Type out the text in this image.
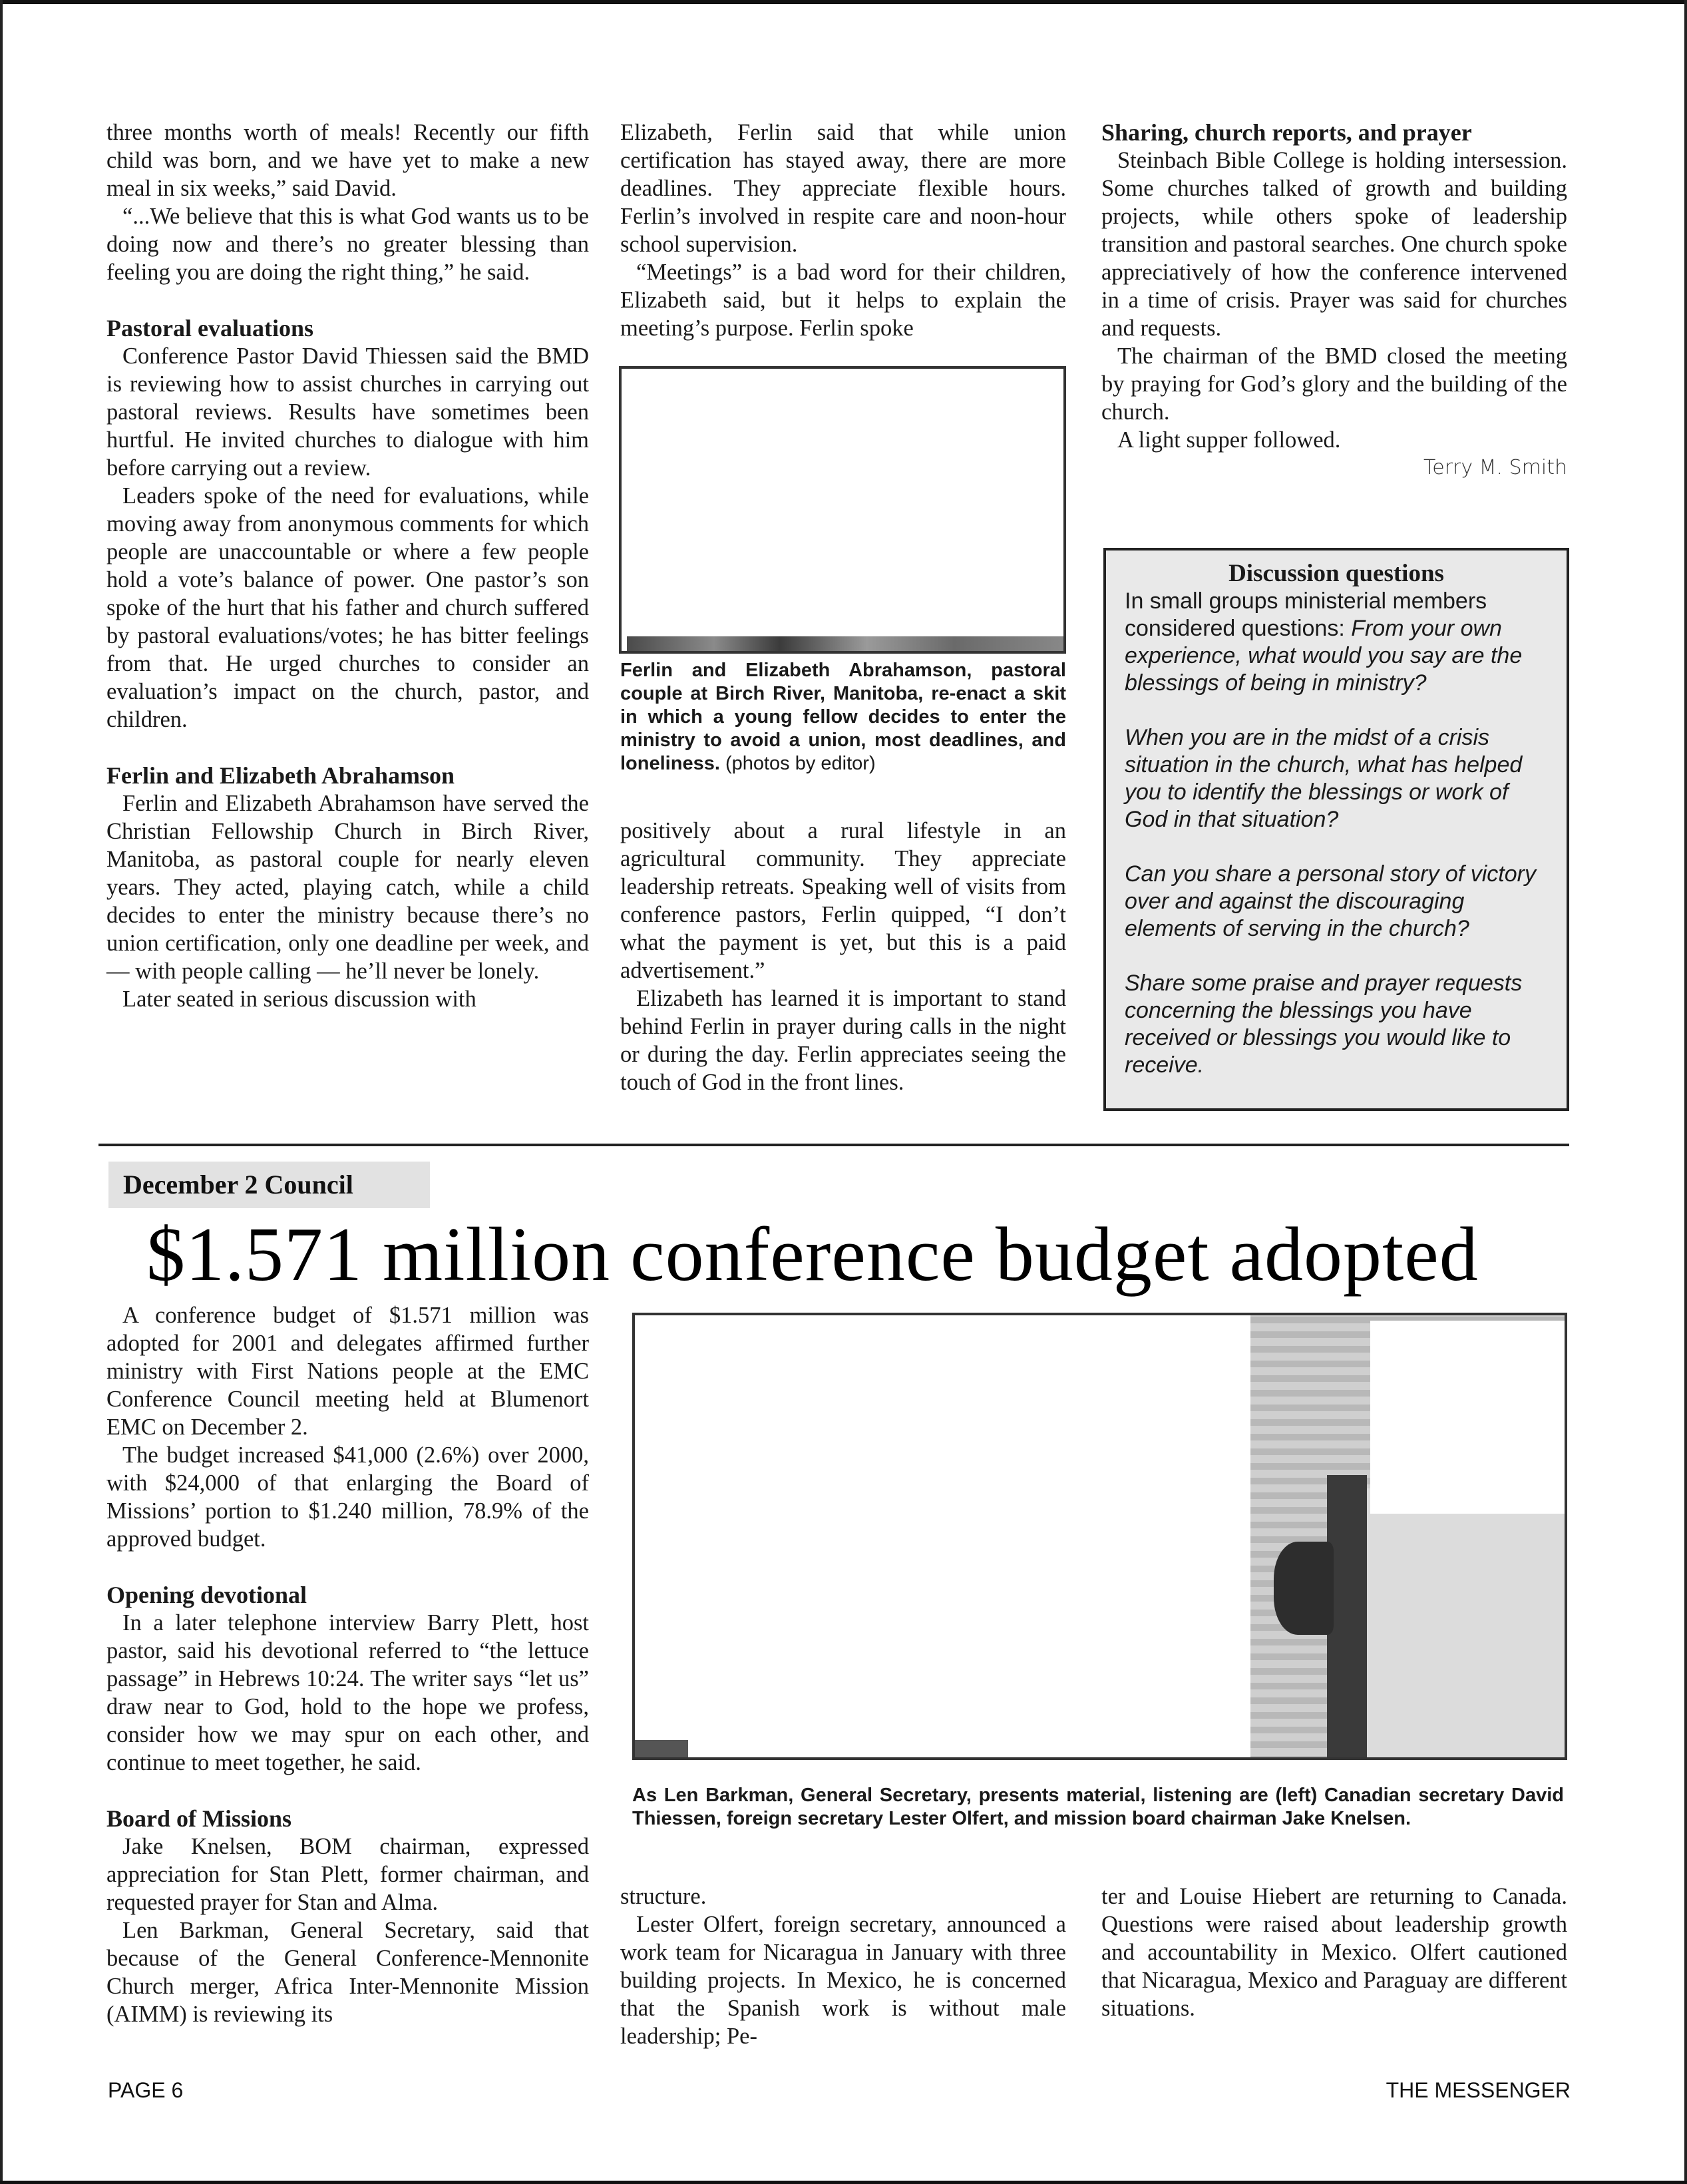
three months worth of meals! Recently our fifth child was born, and we have yet to make a new meal in six weeks,” said David.

“...We believe that this is what God wants us to be doing now and there’s no greater blessing than feeling you are doing the right thing,” he said.

Pastoral evaluations

Conference Pastor David Thiessen said the BMD is reviewing how to assist churches in carrying out pastoral reviews. Results have sometimes been hurtful. He invited churches to dialogue with him before carrying out a review.

Leaders spoke of the need for evaluations, while moving away from anonymous comments for which people are unaccountable or where a few people hold a vote’s balance of power. One pastor’s son spoke of the hurt that his father and church suffered by pastoral evaluations/votes; he has bitter feelings from that. He urged churches to consider an evaluation’s impact on the church, pastor, and children.

Ferlin and Elizabeth Abrahamson

Ferlin and Elizabeth Abrahamson have served the Christian Fellowship Church in Birch River, Manitoba, as pastoral couple for nearly eleven years. They acted, playing catch, while a child decides to enter the ministry because there’s no union certification, only one deadline per week, and — with people calling — he’ll never be lonely.

Later seated in serious discussion with

Elizabeth, Ferlin said that while union certification has stayed away, there are more deadlines. They appreciate flexible hours. Ferlin’s involved in respite care and noon-hour school supervision.

“Meetings” is a bad word for their children, Elizabeth said, but it helps to explain the meeting’s purpose. Ferlin spoke

Ferlin and Elizabeth Abrahamson, pastoral couple at Birch River, Manitoba, re-enact a skit in which a young fellow decides to enter the ministry to avoid a union, most deadlines, and loneliness. (photos by editor)

positively about a rural lifestyle in an agricultural community. They appreciate leadership retreats. Speaking well of visits from conference pastors, Ferlin quipped, “I don’t what the payment is yet, but this is a paid advertisement.”

Elizabeth has learned it is important to stand behind Ferlin in prayer during calls in the night or during the day. Ferlin appreciates seeing the touch of God in the front lines.

Sharing, church reports, and prayer

Steinbach Bible College is holding intersession. Some churches talked of growth and building projects, while others spoke of leadership transition and pastoral searches. One church spoke appreciatively of how the conference intervened in a time of crisis. Prayer was said for churches and requests.

The chairman of the BMD closed the meeting by praying for God’s glory and the building of the church.

A light supper followed.

Terry M. Smith
Discussion questions

In small groups ministerial members considered questions: From your own experience, what would you say are the blessings of being in ministry?

When you are in the midst of a crisis situation in the church, what has helped you to identify the blessings or work of God in that situation?

Can you share a personal story of victory over and against the discouraging elements of serving in the church?

Share some praise and prayer requests concerning the blessings you have received or blessings you would like to receive.

December 2 Council
$1.571 million conference budget adopted

A conference budget of $1.571 million was adopted for 2001 and delegates affirmed further ministry with First Nations people at the EMC Conference Council meeting held at Blumenort EMC on December 2.

The budget increased $41,000 (2.6%) over 2000, with $24,000 of that enlarging the Board of Missions’ portion to $1.240 million, 78.9% of the approved budget.

Opening devotional

In a later telephone interview Barry Plett, host pastor, said his devotional referred to “the lettuce passage” in Hebrews 10:24. The writer says “let us” draw near to God, hold to the hope we profess, consider how we may spur on each other, and continue to meet together, he said.

Board of Missions

Jake Knelsen, BOM chairman, expressed appreciation for Stan Plett, former chairman, and requested prayer for Stan and Alma.

Len Barkman, General Secretary, said that because of the General Conference-Mennonite Church merger, Africa Inter-Mennonite Mission (AIMM) is reviewing its

As Len Barkman, General Secretary, presents material, listening are (left) Canadian secretary David Thiessen, foreign secretary Lester Olfert, and mission board chairman Jake Knelsen.

structure.

Lester Olfert, foreign secretary, announced a work team for Nicaragua in January with three building projects. In Mexico, he is concerned that the Spanish work is without male leadership; Pe-

ter and Louise Hiebert are returning to Canada. Questions were raised about leadership growth and accountability in Mexico. Olfert cautioned that Nicaragua, Mexico and Paraguay are different situations.

PAGE 6	THE MESSENGER
